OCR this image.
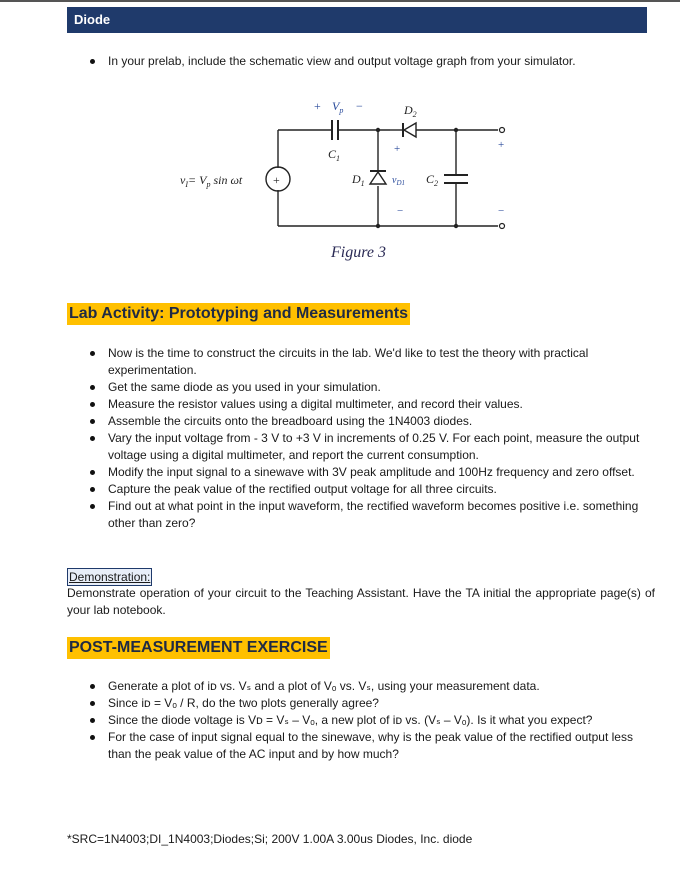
Diode
In your prelab, include the schematic view and output voltage graph from your simulator.
+ $V_p$ −
$C_1$
$D_2$
+
$D_1$	$v_{D1}$ $C_2$
−
+
−
+
$v_I= V_p$ sin ωt
Figure 3
Lab Activity: Prototyping and Measurements
Now is the time to construct the circuits in the lab. We'd like to test the theory with practical experimentation.
Get the same diode as you used in your simulation.
Measure the resistor values using a digital multimeter, and record their values.
Assemble the circuits onto the breadboard using the 1N4003 diodes.
Vary the input voltage from - 3 V to +3 V in increments of 0.25 V. For each point, measure the output voltage using a digital multimeter, and report the current consumption.
Modify the input signal to a sinewave with 3V peak amplitude and 100Hz frequency and zero offset.
Capture the peak value of the rectified output voltage for all three circuits.
Find out at what point in the input waveform, the rectified waveform becomes positive i.e. something other than zero?
Demonstration:
Demonstrate operation of your circuit to the Teaching Assistant. Have the TA initial the appropriate page(s) of your lab notebook.
POST-MEASUREMENT EXERCISE
Generate a plot of iᴅ vs. Vₛ and a plot of Vₒ vs. Vₛ, using your measurement data.
Since iᴅ = Vₒ / R, do the two plots generally agree?
Since the diode voltage is Vᴅ = Vₛ – Vₒ, a new plot of iᴅ vs. (Vₛ – Vₒ). Is it what you expect?
For the case of input signal equal to the sinewave, why is the peak value of the rectified output less than the peak value of the AC input and by how much?
*SRC=1N4003;DI_1N4003;Diodes;Si; 200V 1.00A 3.00us Diodes, Inc. diode
